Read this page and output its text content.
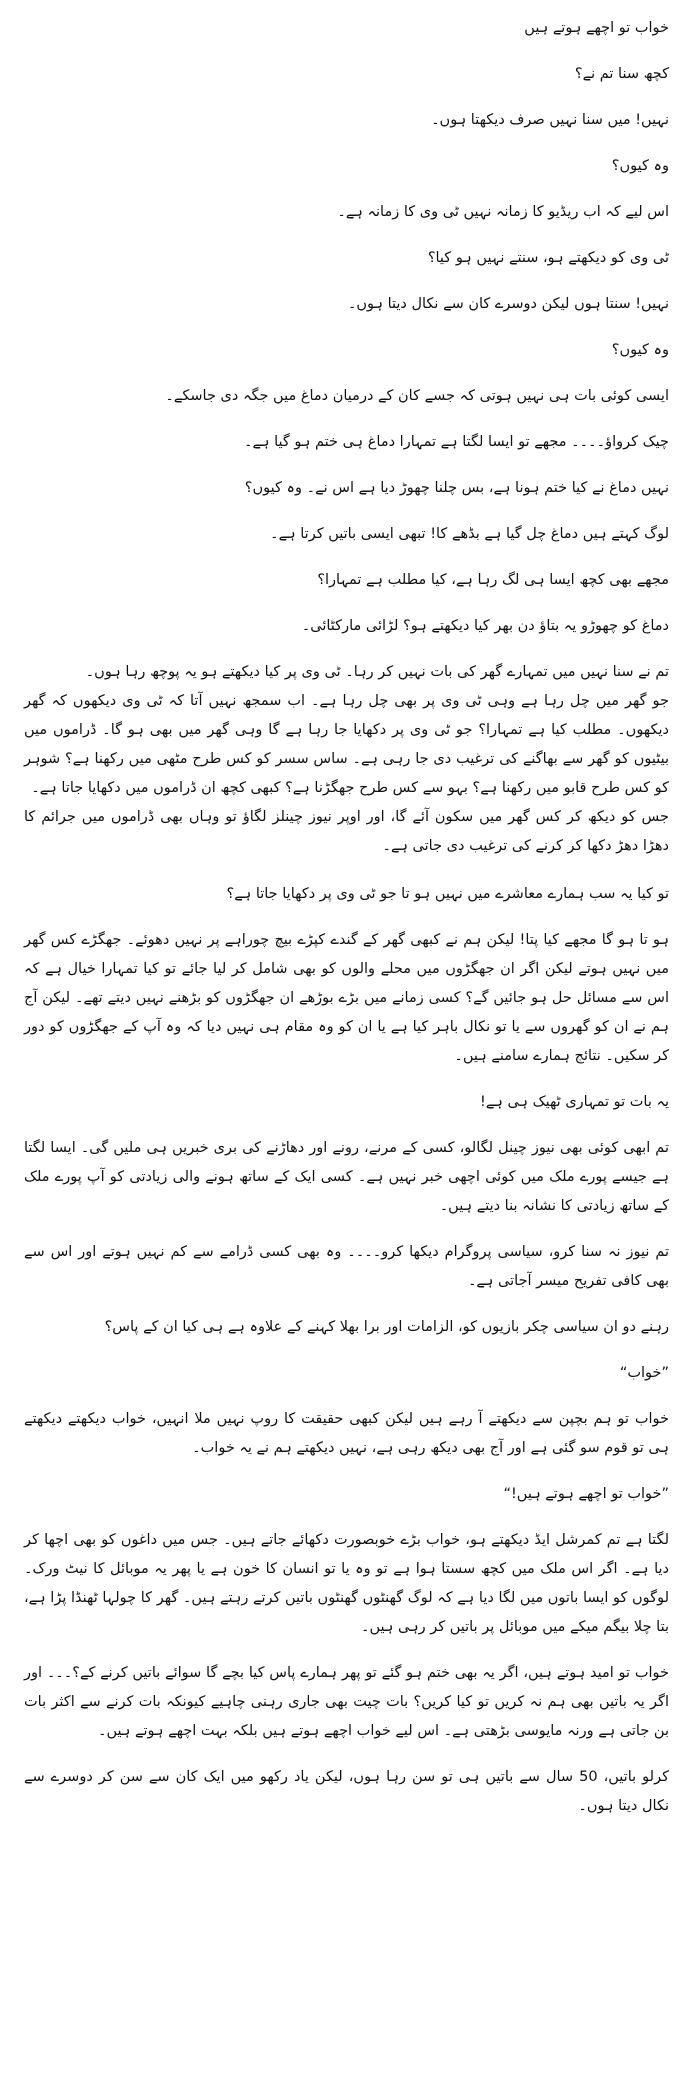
خواب تو اچھے ہوتے ہیں

کچھ سنا تم نے؟

نہیں! میں سنا نہیں صرف دیکھتا ہوں۔

وہ کیوں؟

اس لیے کہ اب ریڈیو کا زمانہ نہیں ٹی وی کا زمانہ ہے۔

ٹی وی کو دیکھتے ہو، سنتے نہیں ہو کیا؟

نہیں! سنتا ہوں لیکن دوسرے کان سے نکال دیتا ہوں۔

وہ کیوں؟

ایسی کوئی بات ہی نہیں ہوتی کہ جسے کان کے درمیان دماغ میں جگہ دی جاسکے۔

چیک کرواؤ۔۔۔۔ مجھے تو ایسا لگتا ہے تمہارا دماغ ہی ختم ہو گیا ہے۔

نہیں دماغ نے کیا ختم ہونا ہے، بس چلنا چھوڑ دیا ہے اس نے۔ وہ کیوں؟

لوگ کہتے ہیں دماغ چل گیا ہے بڈھے کا! تبھی ایسی باتیں کرتا ہے۔

مجھے بھی کچھ ایسا ہی لگ رہا ہے، کیا مطلب ہے تمہارا؟

دماغ کو چھوڑو یہ بتاؤ دن بھر کیا دیکھتے ہو؟ لڑائی مارکٹائی۔

تم نے سنا نہیں میں تمہارے گھر کی بات نہیں کر رہا۔ ٹی وی پر کیا دیکھتے ہو یہ پوچھ رہا ہوں۔

جو گھر میں چل رہا ہے وہی ٹی وی پر بھی چل رہا ہے۔ اب سمجھ نہیں آتا کہ ٹی وی دیکھوں کہ گھر دیکھوں۔ مطلب کیا ہے تمہارا؟ جو ٹی وی پر دکھایا جا رہا ہے گا وہی گھر میں بھی ہو گا۔ ڈراموں میں بیٹیوں کو گھر سے بھاگنے کی ترغیب دی جا رہی ہے۔ ساس سسر کو کس طرح مٹھی میں رکھنا ہے؟ شوہر کو کس طرح قابو میں رکھنا ہے؟ بہو سے کس طرح جھگڑنا ہے؟ کبھی کچھ ان ڈراموں میں دکھایا جاتا ہے۔

جس کو دیکھ کر کس گھر میں سکون آئے گا، اور اوپر نیوز چینلز لگاؤ تو وہاں بھی ڈراموں میں جرائم کا دھڑا دھڑ دکھا کر کرنے کی ترغیب دی جاتی ہے۔

تو کیا یہ سب ہمارے معاشرے میں نہیں ہو تا جو ٹی وی پر دکھایا جاتا ہے؟

ہو تا ہو گا مجھے کیا پتا! لیکن ہم نے کبھی گھر کے گندے کپڑے بیچ چوراہے پر نہیں دھوئے۔ جھگڑے کس گھر میں نہیں ہوتے لیکن اگر ان جھگڑوں میں محلے والوں کو بھی شامل کر لیا جائے تو کیا تمہارا خیال ہے کہ اس سے مسائل حل ہو جائیں گے؟ کسی زمانے میں بڑے بوڑھے ان جھگڑوں کو بڑھنے نہیں دیتے تھے۔ لیکن آج ہم نے ان کو گھروں سے یا تو نکال باہر کیا ہے یا ان کو وہ مقام ہی نہیں دیا کہ وہ آپ کے جھگڑوں کو دور کر سکیں۔ نتائج ہمارے سامنے ہیں۔

یہ بات تو تمہاری ٹھیک ہی ہے!

تم ابھی کوئی بھی نیوز چینل لگالو، کسی کے مرنے، رونے اور دھاڑنے کی بری خبریں ہی ملیں گی۔ ایسا لگتا ہے جیسے پورے ملک میں کوئی اچھی خبر نہیں ہے۔ کسی ایک کے ساتھ ہونے والی زیادتی کو آپ پورے ملک کے ساتھ زیادتی کا نشانہ بنا دیتے ہیں۔

تم نیوز نہ سنا کرو، سیاسی پروگرام دیکھا کرو۔۔۔۔ وہ بھی کسی ڈرامے سے کم نہیں ہوتے اور اس سے بھی کافی تفریح میسر آجاتی ہے۔

رہنے دو ان سیاسی چکر بازیوں کو، الزامات اور برا بھلا کہنے کے علاوہ ہے ہی کیا ان کے پاس؟

”خواب“

خواب تو ہم بچپن سے دیکھتے آ رہے ہیں لیکن کبھی حقیقت کا روپ نہیں ملا انہیں، خواب دیکھتے دیکھتے ہی تو قوم سو گئی ہے اور آج بھی دیکھ رہی ہے، نہیں دیکھتے ہم نے یہ خواب۔

”خواب تو اچھے ہوتے ہیں!“

لگتا ہے تم کمرشل ایڈ دیکھتے ہو، خواب بڑے خوبصورت دکھائے جاتے ہیں۔ جس میں داغوں کو بھی اچھا کر دیا ہے۔ اگر اس ملک میں کچھ سستا ہوا ہے تو وہ یا تو انسان کا خون ہے یا پھر یہ موبائل کا نیٹ ورک۔ لوگوں کو ایسا باتوں میں لگا دیا ہے کہ لوگ گھنٹوں گھنٹوں باتیں کرتے رہتے ہیں۔ گھر کا چولہا ٹھنڈا پڑا ہے، بتا چلا بیگم میکے میں موبائل پر باتیں کر رہی ہیں۔

خواب تو امید ہوتے ہیں، اگر یہ بھی ختم ہو گئے تو پھر ہمارے پاس کیا بچے گا سوائے باتیں کرنے کے؟۔۔۔ اور اگر یہ باتیں بھی ہم نہ کریں تو کیا کریں؟ بات چیت بھی جاری رہنی چاہیے کیونکہ بات کرنے سے اکثر بات بن جاتی ہے ورنہ مایوسی بڑھتی ہے۔ اس لیے خواب اچھے ہوتے ہیں بلکہ بہت اچھے ہوتے ہیں۔

کرلو باتیں، 50 سال سے باتیں ہی تو سن رہا ہوں، لیکن یاد رکھو میں ایک کان سے سن کر دوسرے سے نکال دیتا ہوں۔
